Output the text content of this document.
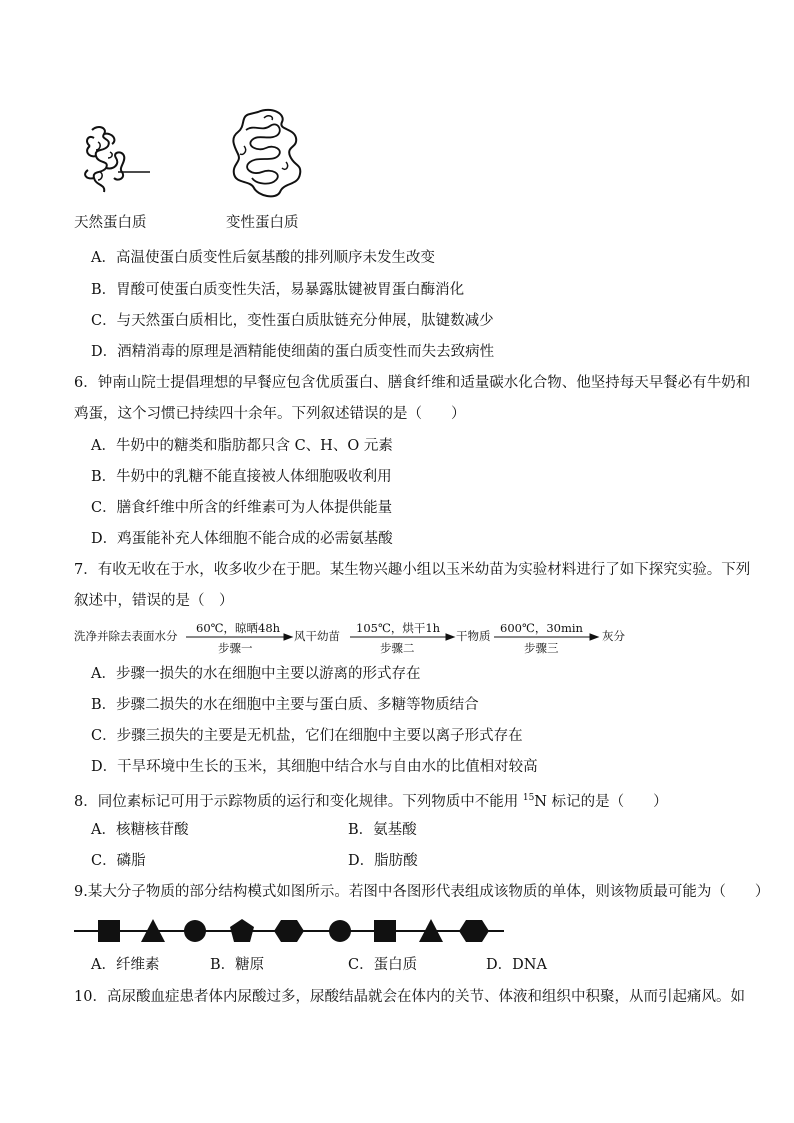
天然蛋白质	变性蛋白质
A．高温使蛋白质变性后氨基酸的排列顺序未发生改变
B．胃酸可使蛋白质变性失活，易暴露肽键被胃蛋白酶消化
C．与天然蛋白质相比，变性蛋白质肽链充分伸展，肽键数减少
D．酒精消毒的原理是酒精能使细菌的蛋白质变性而失去致病性
6．钟南山院士提倡理想的早餐应包含优质蛋白、膳食纤维和适量碳水化合物、他坚持每天早餐必有牛奶和
鸡蛋，这个习惯已持续四十余年。下列叙述错误的是（　　）
A．牛奶中的糖类和脂肪都只含 C、H、O 元素
B．牛奶中的乳糖不能直接被人体细胞吸收利用
C．膳食纤维中所含的纤维素可为人体提供能量
D．鸡蛋能补充人体细胞不能合成的必需氨基酸
7．有收无收在于水，收多收少在于肥。某生物兴趣小组以玉米幼苗为实验材料进行了如下探究实验。下列
叙述中，错误的是（　）
洗净并除去表面水分
60℃，晾晒48h
步骤一
风干幼苗
105℃，烘干1h
步骤二
干物质
600℃，30min
步骤三
灰分
A．步骤一损失的水在细胞中主要以游离的形式存在
B．步骤二损失的水在细胞中主要与蛋白质、多糖等物质结合
C．步骤三损失的主要是无机盐，它们在细胞中主要以离子形式存在
D．干旱环境中生长的玉米，其细胞中结合水与自由水的比值相对较高
8．同位素标记可用于示踪物质的运行和变化规律。下列物质中不能用 $^{15}$N 标记的是（　　）
A．核糖核苷酸	B．氨基酸
C．磷脂	D．脂肪酸
9.某大分子物质的部分结构模式如图所示。若图中各图形代表组成该物质的单体，则该物质最可能为（　　）
A．纤维素	B．糖原	C．蛋白质	D．DNA
10．高尿酸血症患者体内尿酸过多，尿酸结晶就会在体内的关节、体液和组织中积聚，从而引起痛风。如
